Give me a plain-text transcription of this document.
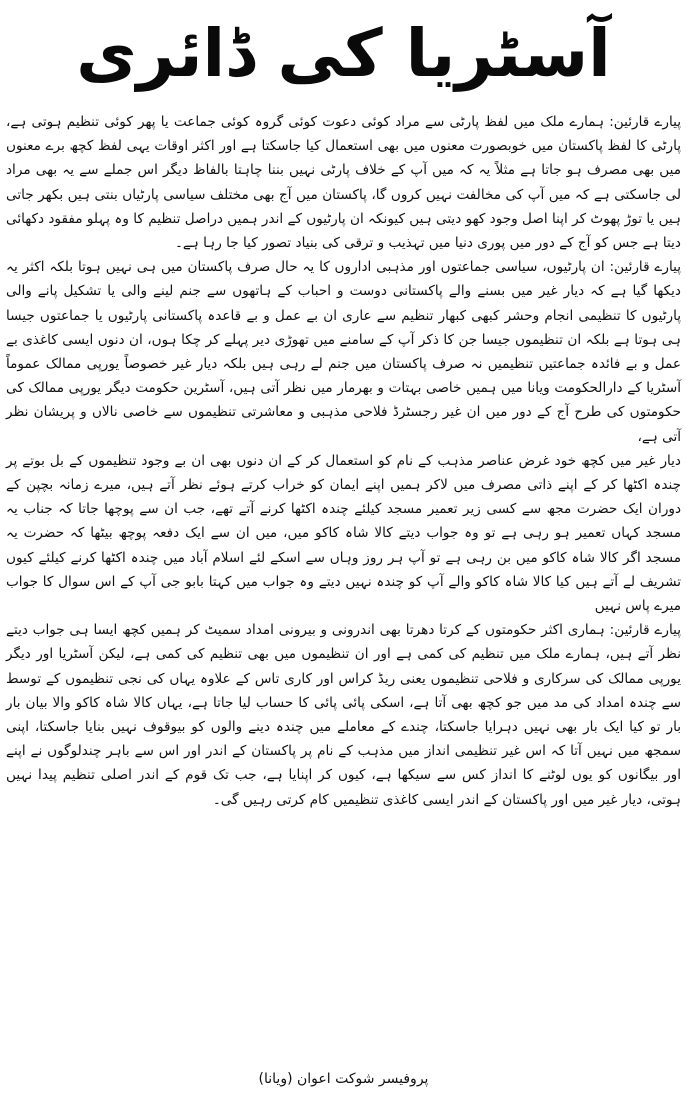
آسٹریا کی ڈائری

پیارے قارئین: ہمارے ملک میں لفظ پارٹی سے مراد کوئی دعوت کوئی گروہ کوئی جماعت یا پھر کوئی تنظیم ہوتی ہے، پارٹی کا لفظ پاکستان میں خوبصورت معنوں میں بھی استعمال کیا جاسکتا ہے اور اکثر اوقات یہی لفظ کچھ برے معنوں میں بھی مصرف ہو جاتا ہے مثلاً یہ کہ میں آپ کے خلاف پارٹی نہیں بننا چاہتا بالفاظ دیگر اس جملے سے یہ بھی مراد لی جاسکتی ہے کہ میں آپ کی مخالفت نہیں کروں گا، پاکستان میں آج بھی مختلف سیاسی پارٹیاں بنتی ہیں بکھر جاتی ہیں یا توڑ پھوٹ کر اپنا اصل وجود کھو دیتی ہیں کیونکہ ان پارٹیوں کے اندر ہمیں دراصل تنظیم کا وہ پہلو مفقود دکھائی دیتا ہے جس کو آج کے دور میں پوری دنیا میں تہذیب و ترقی کی بنیاد تصور کیا جا رہا ہے۔

پیارے قارئین: ان پارٹیوں، سیاسی جماعتوں اور مذہبی اداروں کا یہ حال صرف پاکستان میں ہی نہیں ہوتا بلکہ اکثر یہ دیکھا گیا ہے کہ دیار غیر میں بسنے والے پاکستانی دوست و احباب کے ہاتھوں سے جنم لینے والی یا تشکیل پانے والی پارٹیوں کا تنظیمی انجام وحشر کبھی کبھار تنظیم سے عاری ان بے عمل و بے قاعدہ پاکستانی پارٹیوں یا جماعتوں جیسا ہی ہوتا ہے بلکہ ان تنظیموں جیسا جن کا ذکر آپ کے سامنے میں تھوڑی دیر پہلے کر چکا ہوں، ان دنوں ایسی کاغذی بے عمل و بے فائدہ جماعتیں تنظیمیں نہ صرف پاکستان میں جنم لے رہی ہیں بلکہ دیار غیر خصوصاً یورپی ممالک عموماً آسٹریا کے دارالحکومت ویانا میں ہمیں خاصی بہتات و بھرمار میں نظر آتی ہیں، آسٹرین حکومت دیگر یورپی ممالک کی حکومتوں کی طرح آج کے دور میں ان غیر رجسٹرڈ فلاحی مذہبی و معاشرتی تنظیموں سے خاصی نالاں و پریشان نظر آتی ہے،

دیار غیر میں کچھ خود غرض عناصر مذہب کے نام کو استعمال کر کے ان دنوں بھی ان بے وجود تنظیموں کے بل بوتے پر چندہ اکٹھا کر کے اپنے ذاتی مصرف میں لاکر ہمیں اپنے ایمان کو خراب کرتے ہوئے نظر آتے ہیں، میرے زمانہ بچپن کے دوران ایک حضرت مجھ سے کسی زیر تعمیر مسجد کیلئے چندہ اکٹھا کرنے آتے تھے، جب ان سے پوچھا جاتا کہ جناب یہ مسجد کہاں تعمیر ہو رہی ہے تو وہ جواب دیتے کالا شاہ کاکو میں، میں ان سے ایک دفعہ پوچھ بیٹھا کہ حضرت یہ مسجد اگر کالا شاہ کاکو میں بن رہی ہے تو آپ ہر روز وہاں سے اسکے لئے اسلام آباد میں چندہ اکٹھا کرنے کیلئے کیوں تشریف لے آتے ہیں کیا کالا شاہ کاکو والے آپ کو چندہ نہیں دیتے وہ جواب میں کہتا بابو جی آپ کے اس سوال کا جواب میرے پاس نہیں

پیارے قارئین: ہماری اکثر حکومتوں کے کرتا دھرتا بھی اندرونی و بیرونی امداد سمیٹ کر ہمیں کچھ ایسا ہی جواب دیتے نظر آتے ہیں، ہمارے ملک میں تنظیم کی کمی ہے اور ان تنظیموں میں بھی تنظیم کی کمی ہے، لیکن آسٹریا اور دیگر یورپی ممالک کی سرکاری و فلاحی تنظیموں یعنی ریڈ کراس اور کاری تاس کے علاوہ یہاں کی نجی تنظیموں کے توسط سے چندہ امداد کی مد میں جو کچھ بھی آتا ہے، اسکی پائی پائی کا حساب لیا جاتا ہے، یہاں کالا شاہ کاکو والا بیان بار بار تو کیا ایک بار بھی نہیں دہرایا جاسکتا، چندے کے معاملے میں چندہ دینے والوں کو بیوقوف نہیں بنایا جاسکتا، اپنی سمجھ میں نہیں آتا کہ اس غیر تنظیمی انداز میں مذہب کے نام پر پاکستان کے اندر اور اس سے باہر چندلوگوں نے اپنے اور بیگانوں کو یوں لوٹنے کا انداز کس سے سیکھا ہے، کیوں کر اپنایا ہے، جب تک قوم کے اندر اصلی تنظیم پیدا نہیں ہوتی، دیار غیر میں اور پاکستان کے اندر ایسی کاغذی تنظیمیں کام کرتی رہیں گی۔

پروفیسر شوکت اعوان (ویانا)
